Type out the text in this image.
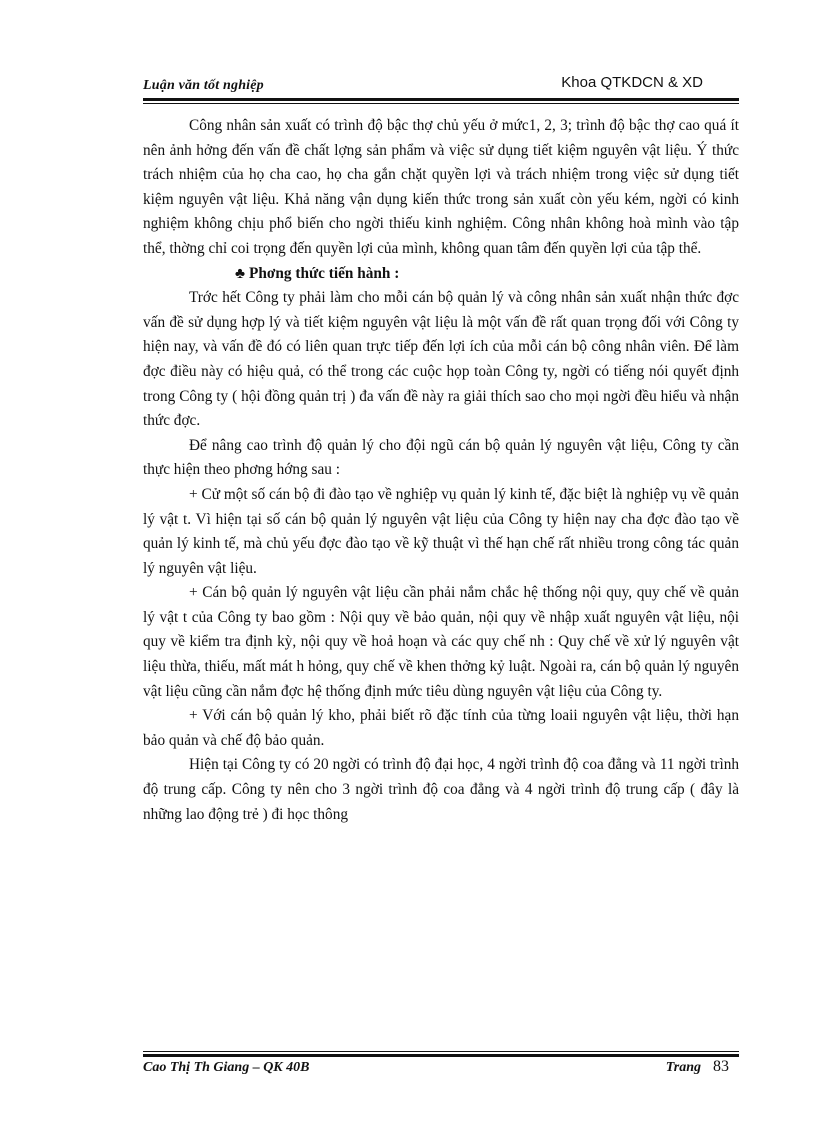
Luận văn tốt nghiệp	Khoa QTKDCN & XD

Công nhân sản xuất có trình độ bậc thợ chủ yếu ở mức1, 2, 3; trình độ bậc thợ cao quá ít nên ảnh hởng đến vấn đề chất lợng sản phẩm và việc sử dụng tiết kiệm nguyên vật liệu. Ý thức trách nhiệm của họ cha cao, họ cha gắn chặt quyền lợi và trách nhiệm trong việc sử dụng tiết kiệm nguyên vật liệu. Khả năng vận dụng kiến thức trong sản xuất còn yếu kém, ngời có kinh nghiệm không chịu phổ biến cho ngời thiếu kinh nghiệm. Công nhân không hoà mình vào tập thể, thờng chỉ coi trọng đến quyền lợi của mình, không quan tâm đến quyền lợi của tập thể.

♣ Phơng thức tiến hành :

Trớc hết Công ty phải làm cho mỗi cán bộ quản lý và công nhân sản xuất nhận thức đợc vấn đề sử dụng hợp lý và tiết kiệm nguyên vật liệu là một vấn đề rất quan trọng đối với Công ty hiện nay, và vấn đề đó có liên quan trực tiếp đến lợi ích của mỗi cán bộ công nhân viên. Để làm đợc điều này có hiệu quả, có thể trong các cuộc họp toàn Công ty, ngời có tiếng nói quyết định trong Công ty ( hội đồng quản trị ) đa vấn đề này ra giải thích sao cho mọi ngời đều hiểu và nhận thức đợc.

Để nâng cao trình độ quản lý cho đội ngũ cán bộ quản lý nguyên vật liệu, Công ty cần thực hiện theo phơng hớng sau :

+ Cử một số cán bộ đi đào tạo về nghiệp vụ quản lý kinh tế, đặc biệt là nghiệp vụ về quản lý vật t. Vì hiện tại số cán bộ quản lý nguyên vật liệu của Công ty hiện nay cha đợc đào tạo về quản lý kinh tế, mà chủ yếu đợc đào tạo về kỹ thuật vì thế hạn chế rất nhiều trong công tác quản lý nguyên vật liệu.

+ Cán bộ quản lý nguyên vật liệu cần phải nắm chắc hệ thống nội quy, quy chế về quản lý vật t của Công ty bao gồm : Nội quy về bảo quản, nội quy về nhập xuất nguyên vật liệu, nội quy về kiểm tra định kỳ, nội quy về hoả hoạn và các quy chế nh : Quy chế về xử lý nguyên vật liệu thừa, thiếu, mất mát h hỏng, quy chế về khen thởng kỷ luật. Ngoài ra, cán bộ quản lý nguyên vật liệu cũng cần nắm đợc hệ thống định mức tiêu dùng nguyên vật liệu của Công ty.

+ Với cán bộ quản lý kho, phải biết rõ đặc tính của từng loaii nguyên vật liệu, thời hạn bảo quản và chế độ bảo quản.

Hiện tại Công ty có 20 ngời có trình độ đại học, 4 ngời trình độ coa đẳng và 11 ngời trình độ trung cấp. Công ty nên cho 3 ngời trình độ coa đẳng và 4 ngời trình độ trung cấp ( đây là những lao động trẻ ) đi học thông

Cao Thị Th Giang – QK 40B	Trang 83
